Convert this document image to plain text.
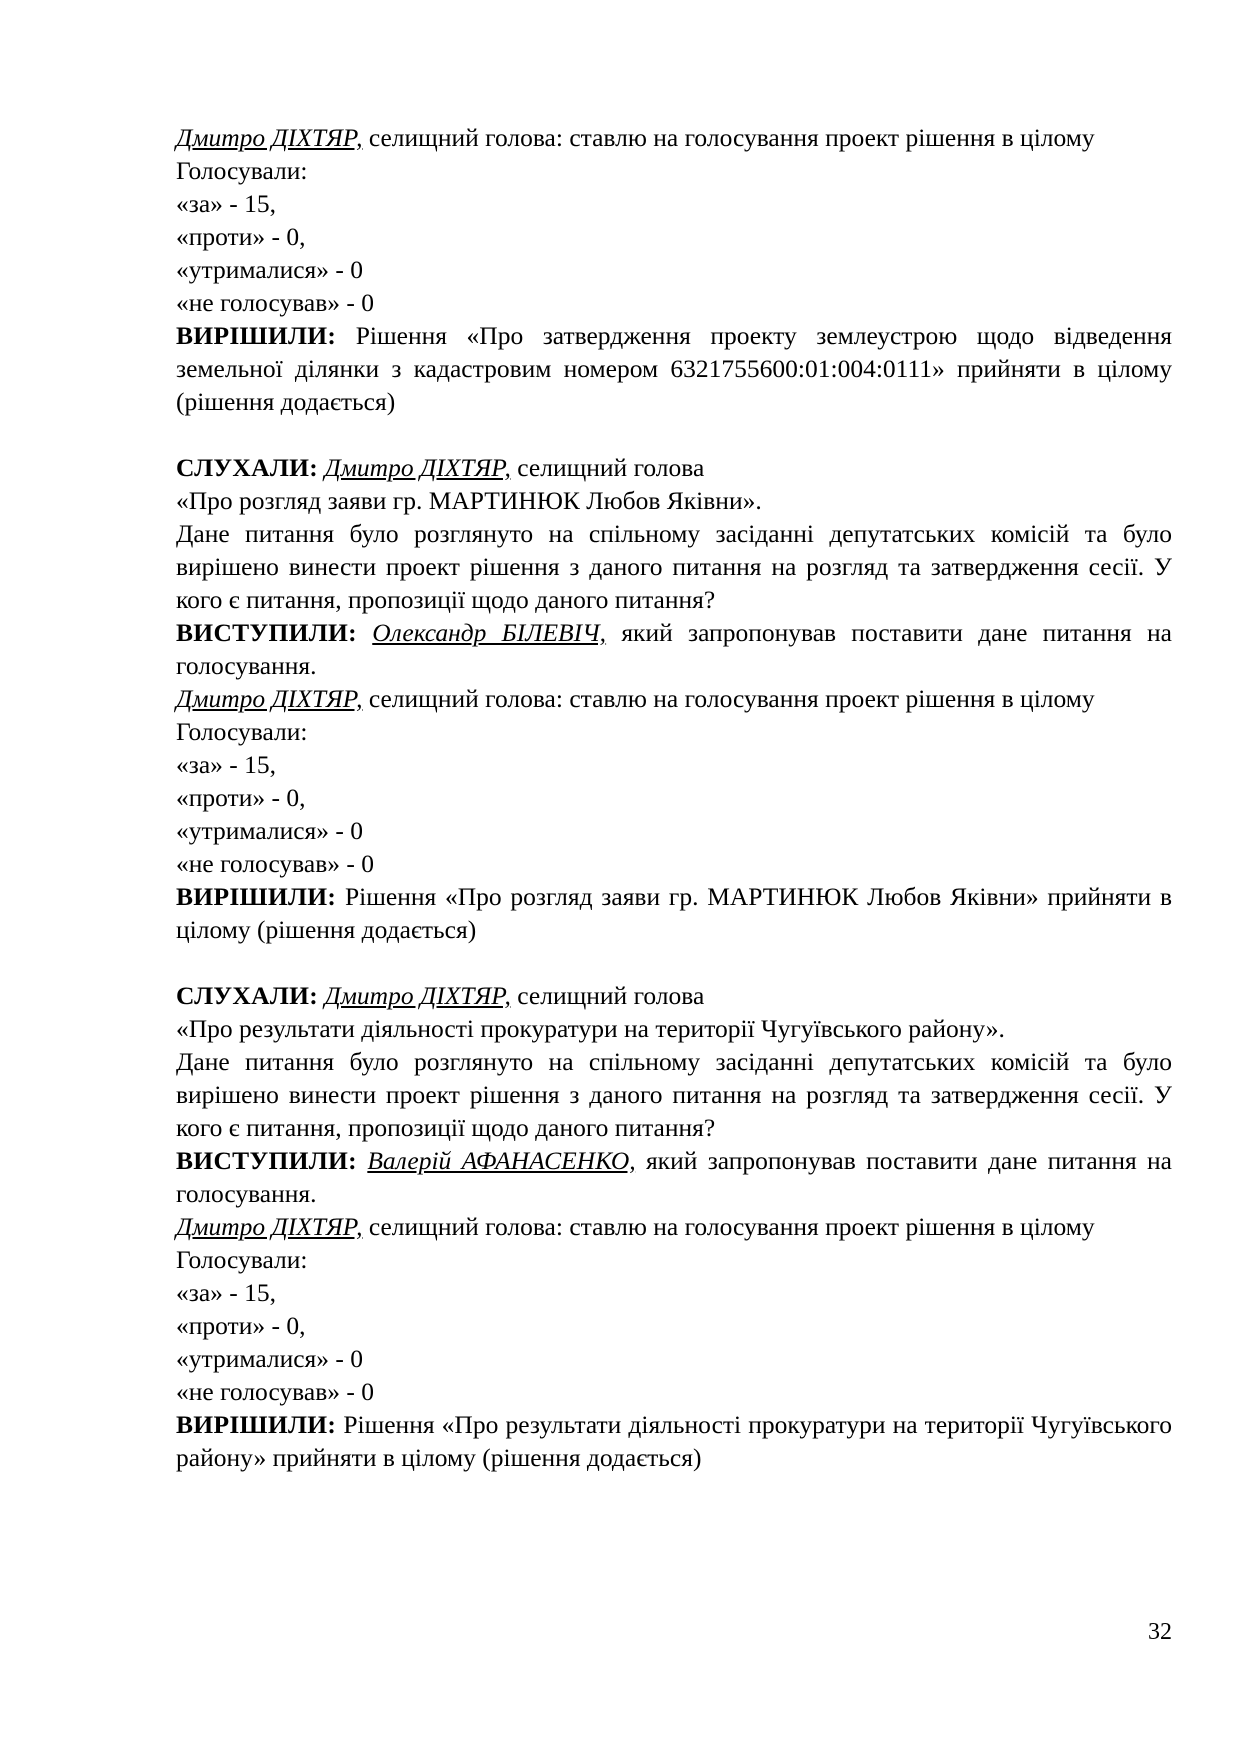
Дмитро ДІХТЯР, селищний голова: ставлю на голосування проект рішення в цілому
Голосували:
«за» - 15,
«проти» - 0,
«утрималися» - 0
«не голосував» - 0
ВИРІШИЛИ: Рішення «Про затвердження проекту землеустрою щодо відведення земельної ділянки з кадастровим номером 6321755600:01:004:0111» прийняти в цілому (рішення додається)
СЛУХАЛИ: Дмитро ДІХТЯР, селищний голова
«Про розгляд заяви гр. МАРТИНЮК Любов Яківни».
Дане питання було розглянуто на спільному засіданні депутатських комісій та було вирішено винести проект рішення з даного питання на розгляд та затвердження сесії. У кого є питання, пропозиції щодо даного питання?
ВИСТУПИЛИ: Олександр БІЛЕВІЧ, який запропонував поставити дане питання на голосування.
Дмитро ДІХТЯР, селищний голова: ставлю на голосування проект рішення в цілому
Голосували:
«за» - 15,
«проти» - 0,
«утрималися» - 0
«не голосував» - 0
ВИРІШИЛИ: Рішення «Про розгляд заяви гр. МАРТИНЮК Любов Яківни» прийняти в цілому (рішення додається)
СЛУХАЛИ: Дмитро ДІХТЯР, селищний голова
«Про результати діяльності прокуратури на території Чугуївського району».
Дане питання було розглянуто на спільному засіданні депутатських комісій та було вирішено винести проект рішення з даного питання на розгляд та затвердження сесії. У кого є питання, пропозиції щодо даного питання?
ВИСТУПИЛИ: Валерій АФАНАСЕНКО, який запропонував поставити дане питання на голосування.
Дмитро ДІХТЯР, селищний голова: ставлю на голосування проект рішення в цілому
Голосували:
«за» - 15,
«проти» - 0,
«утрималися» - 0
«не голосував» - 0
ВИРІШИЛИ: Рішення «Про результати діяльності прокуратури на території Чугуївського району» прийняти в цілому (рішення додається)
32
